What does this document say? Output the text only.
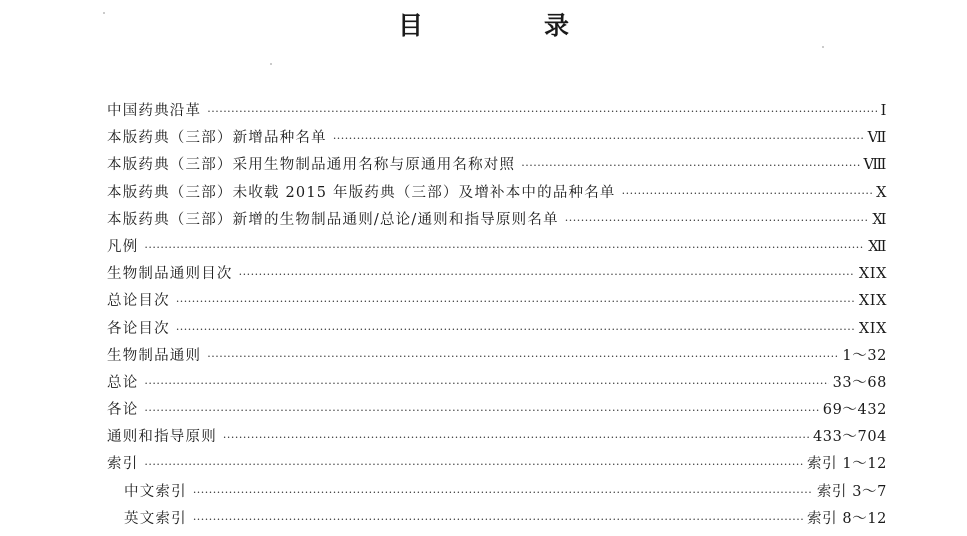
目　录
中国药典沿革 ·····	Ⅰ
本版药典（三部）新增品种名单 ·····	Ⅶ
本版药典（三部）采用生物制品通用名称与原通用名称对照 ·····	Ⅷ
本版药典（三部）未收载 2015 年版药典（三部）及增补本中的品种名单 ·····	Ⅹ
本版药典（三部）新增的生物制品通则/总论/通则和指导原则名单 ·····	Ⅺ
凡例 ·····	Ⅻ
生物制品通则目次 ·····	XIX
总论目次 ·····	XIX
各论目次 ·····	XIX
生物制品通则 ·····	1～32
总论 ·····	33～68
各论 ·····	69～432
通则和指导原则 ·····	433～704
索引 ·····	索引 1～12
中文索引 ·····	索引 3～7
英文索引 ·····	索引 8～12
